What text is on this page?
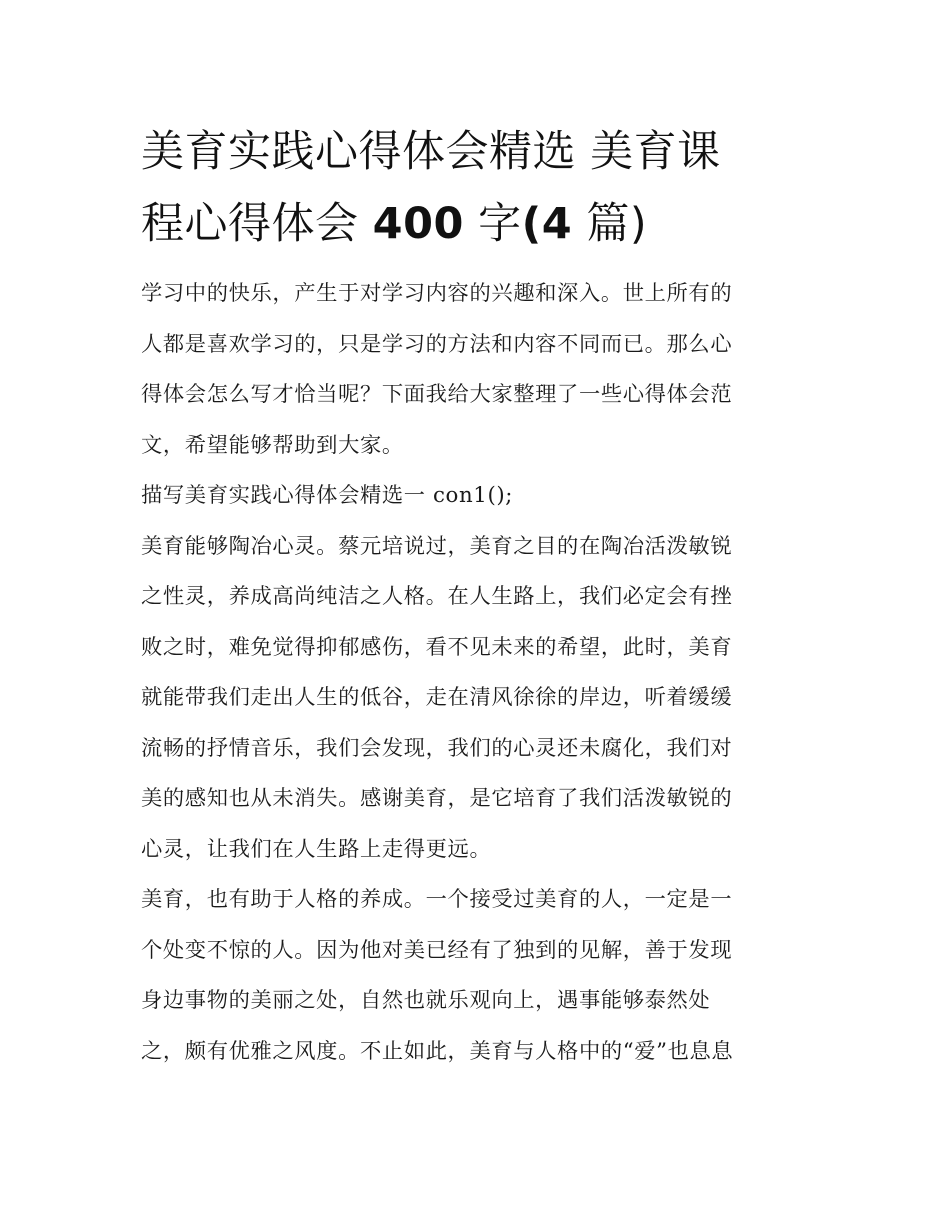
美育实践心得体会精选 美育课
程心得体会 400 字(4 篇)

学习中的快乐，产生于对学习内容的兴趣和深入。世上所有的
人都是喜欢学习的，只是学习的方法和内容不同而已。那么心
得体会怎么写才恰当呢？下面我给大家整理了一些心得体会范
文，希望能够帮助到大家。

描写美育实践心得体会精选一 con1();

美育能够陶冶心灵。蔡元培说过，美育之目的在陶冶活泼敏锐
之性灵，养成高尚纯洁之人格。在人生路上，我们必定会有挫
败之时，难免觉得抑郁感伤，看不见未来的希望，此时，美育
就能带我们走出人生的低谷，走在清风徐徐的岸边，听着缓缓
流畅的抒情音乐，我们会发现，我们的心灵还未腐化，我们对
美的感知也从未消失。感谢美育，是它培育了我们活泼敏锐的
心灵，让我们在人生路上走得更远。

美育，也有助于人格的养成。一个接受过美育的人，一定是一
个处变不惊的人。因为他对美已经有了独到的见解，善于发现
身边事物的美丽之处，自然也就乐观向上，遇事能够泰然处
之，颇有优雅之风度。不止如此，美育与人格中的“爱”也息息
